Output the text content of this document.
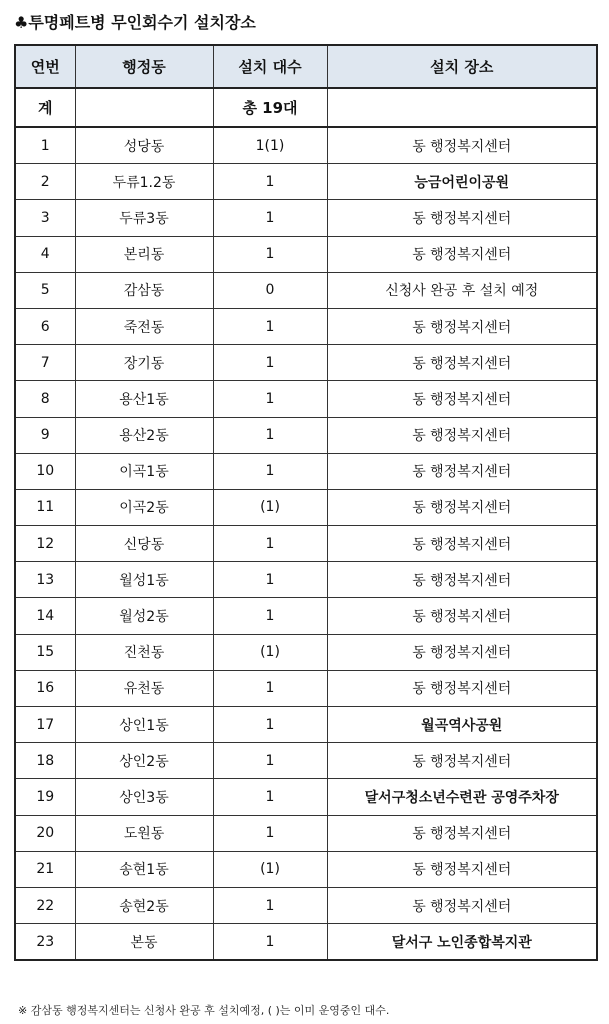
♣투명페트병 무인회수기 설치장소
연번	행정동	설치 대수	설치 장소
계		총 19대	
1	성당동	1(1)	동 행정복지센터
2	두류1.2동	1	능금어린이공원
3	두류3동	1	동 행정복지센터
4	본리동	1	동 행정복지센터
5	감삼동	0	신청사 완공 후 설치 예정
6	죽전동	1	동 행정복지센터
7	장기동	1	동 행정복지센터
8	용산1동	1	동 행정복지센터
9	용산2동	1	동 행정복지센터
10	이곡1동	1	동 행정복지센터
11	이곡2동	(1)	동 행정복지센터
12	신당동	1	동 행정복지센터
13	월성1동	1	동 행정복지센터
14	월성2동	1	동 행정복지센터
15	진천동	(1)	동 행정복지센터
16	유천동	1	동 행정복지센터
17	상인1동	1	월곡역사공원
18	상인2동	1	동 행정복지센터
19	상인3동	1	달서구청소년수련관 공영주차장
20	도원동	1	동 행정복지센터
21	송현1동	(1)	동 행정복지센터
22	송현2동	1	동 행정복지센터
23	본동	1	달서구 노인종합복지관
※ 감삼동 행정복지센터는 신청사 완공 후 설치예정, ( )는 이미 운영중인 대수.
